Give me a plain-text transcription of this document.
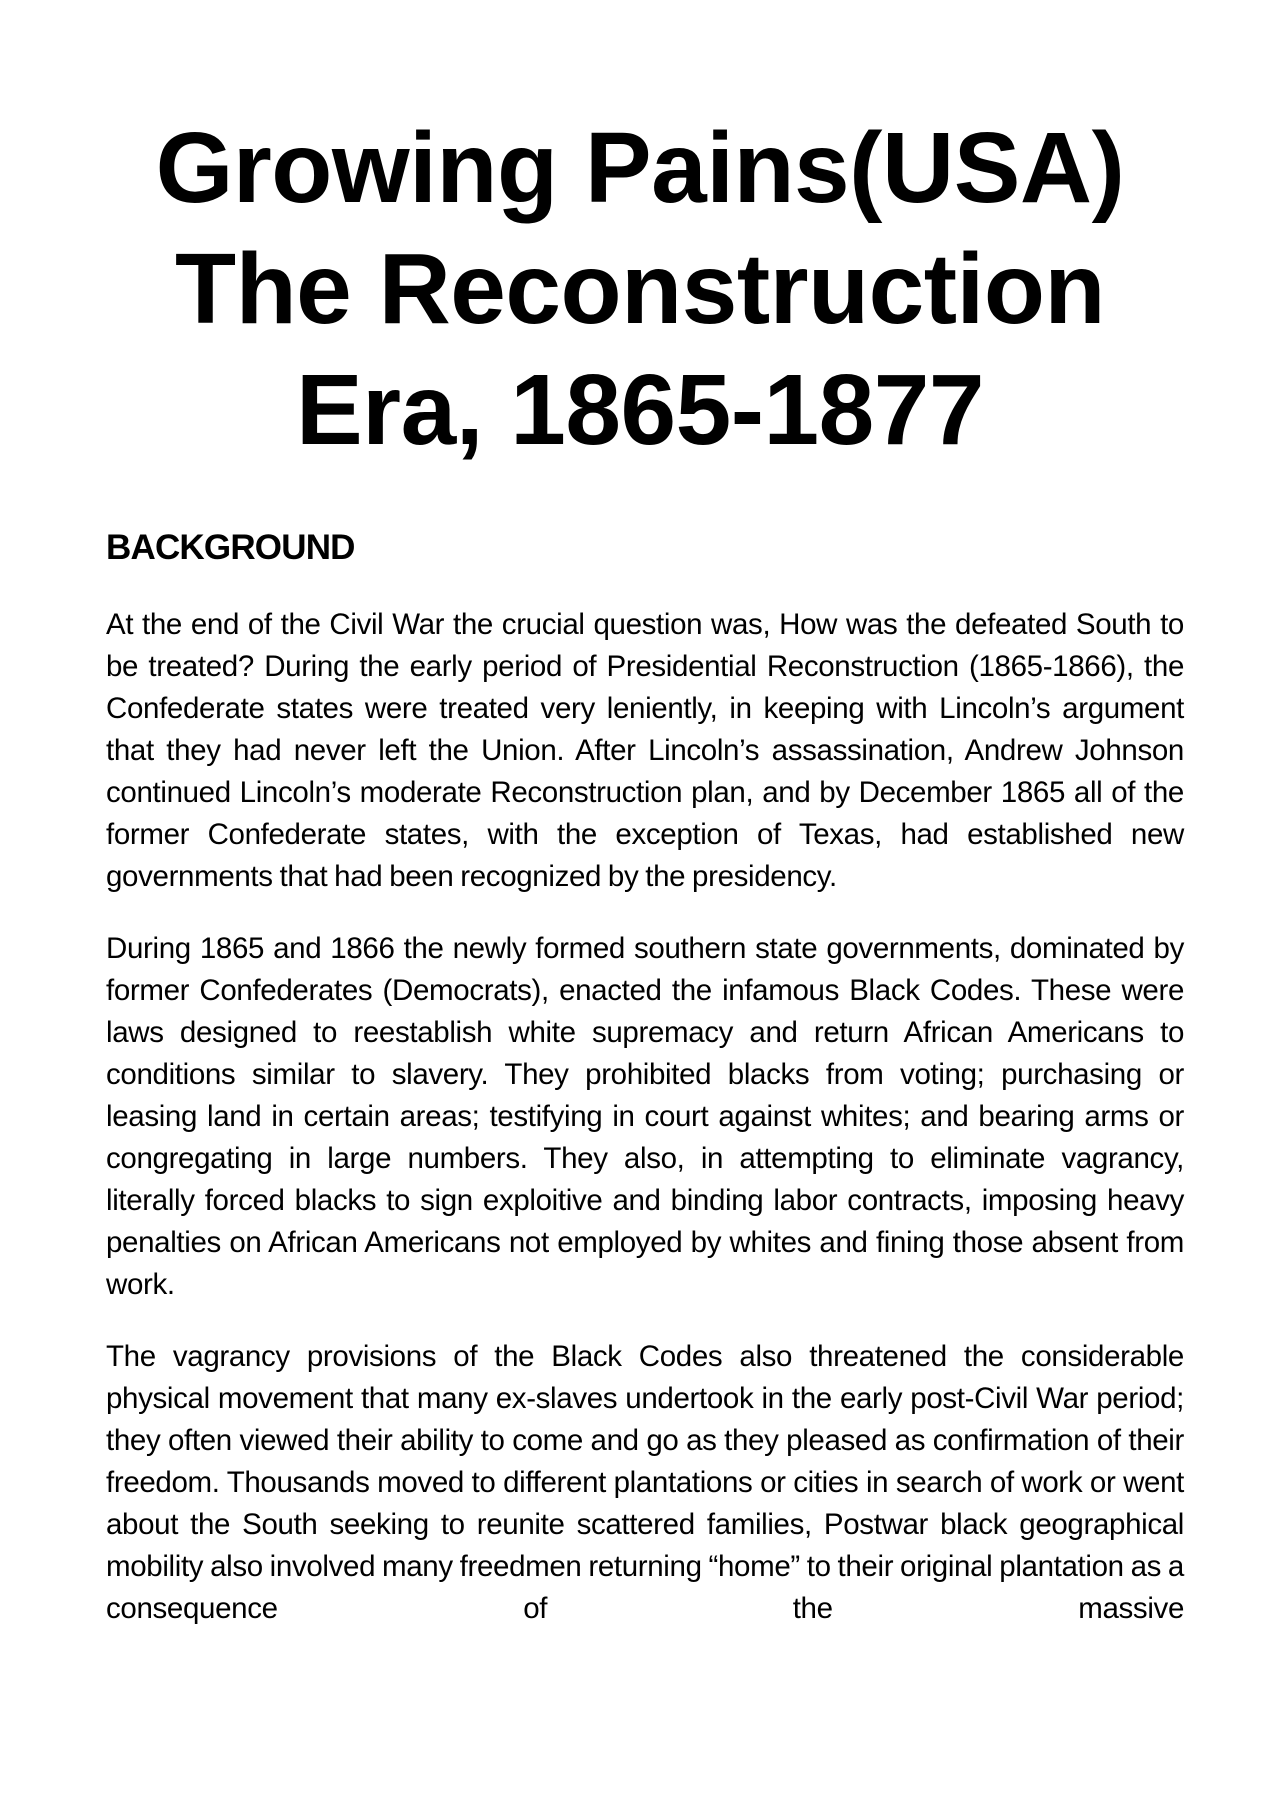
Growing Pains(USA)
The Reconstruction
Era, 1865-1877
BACKGROUND

At the end of the Civil War the crucial question was, How was the defeated South to be treated? During the early period of Presidential Reconstruction (1865-1866), the Confederate states were treated very leniently, in keeping with Lincoln’s argument that they had never left the Union. After Lincoln’s assassination, Andrew Johnson continued Lincoln’s moderate Reconstruction plan, and by December 1865 all of the former Confederate states, with the exception of Texas, had established new governments that had been recognized by the presidency.

During 1865 and 1866 the newly formed southern state governments, dominated by former Confederates (Democrats), enacted the infamous Black Codes. These were laws designed to reestablish white supremacy and return African Americans to conditions similar to slavery. They prohibited blacks from voting; purchasing or leasing land in certain areas; testifying in court against whites; and bearing arms or congregating in large numbers. They also, in attempting to eliminate vagrancy, literally forced blacks to sign exploitive and binding labor contracts, imposing heavy penalties on African Americans not employed by whites and fining those absent from work.

The vagrancy provisions of the Black Codes also threatened the considerable physical movement that many ex-slaves undertook in the early post-Civil War period; they often viewed their ability to come and go as they pleased as confirmation of their freedom. Thousands moved to different plantations or cities in search of work or went about the South seeking to reunite scattered families, Postwar black geographical mobility also involved many freedmen returning “home” to their original plantation as a consequence of the massive
